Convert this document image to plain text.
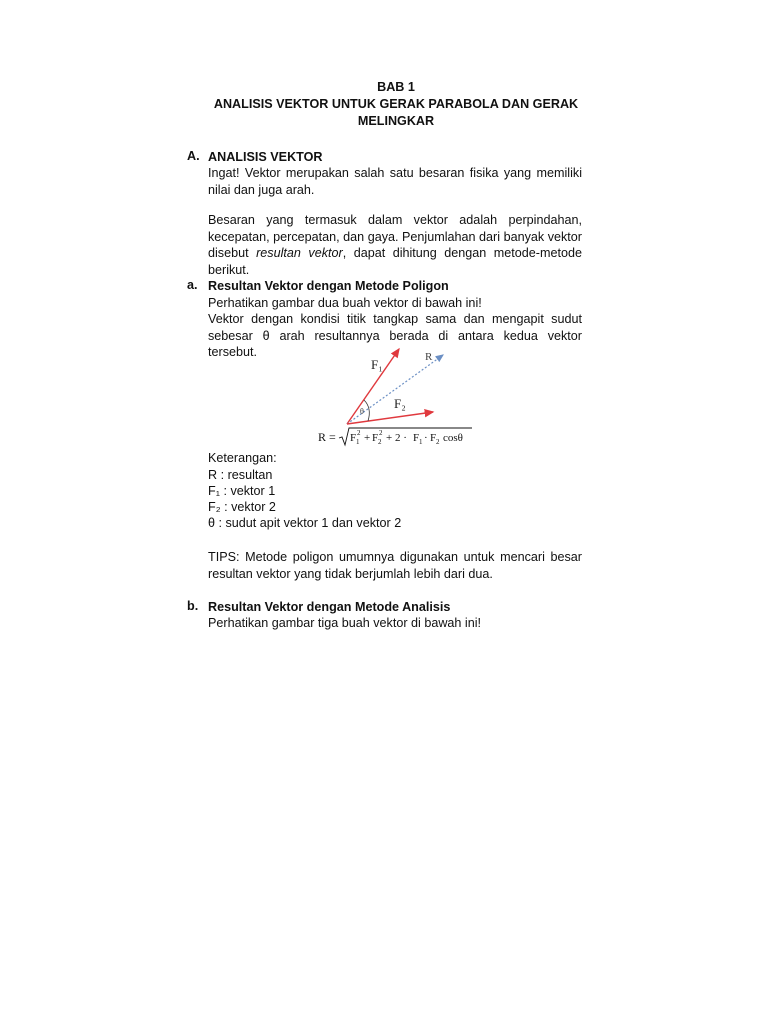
BAB 1
ANALISIS VEKTOR UNTUK GERAK PARABOLA DAN GERAK
MELINGKAR
A. ANALISIS VEKTOR
Ingat! Vektor merupakan salah satu besaran fisika yang memiliki nilai dan juga arah.
Besaran yang termasuk dalam vektor adalah perpindahan, kecepatan, percepatan, dan gaya. Penjumlahan dari banyak vektor disebut resultan vektor, dapat dihitung dengan metode-metode berikut.
a. Resultan Vektor dengan Metode Poligon
Perhatikan gambar dua buah vektor di bawah ini!
Vektor dengan kondisi titik tangkap sama dan mengapit sudut sebesar θ arah resultannya berada di antara kedua vektor tersebut.
F₁	R
F₂
θ
R = F 1
2 + F 2
2 + 2 · F 1 · F 2 cosθ
Keterangan:
R : resultan
F₁ : vektor 1
F₂ : vektor 2
θ : sudut apit vektor 1 dan vektor 2
TIPS: Metode poligon umumnya digunakan untuk mencari besar resultan vektor yang tidak berjumlah lebih dari dua.
b. Resultan Vektor dengan Metode Analisis
Perhatikan gambar tiga buah vektor di bawah ini!
